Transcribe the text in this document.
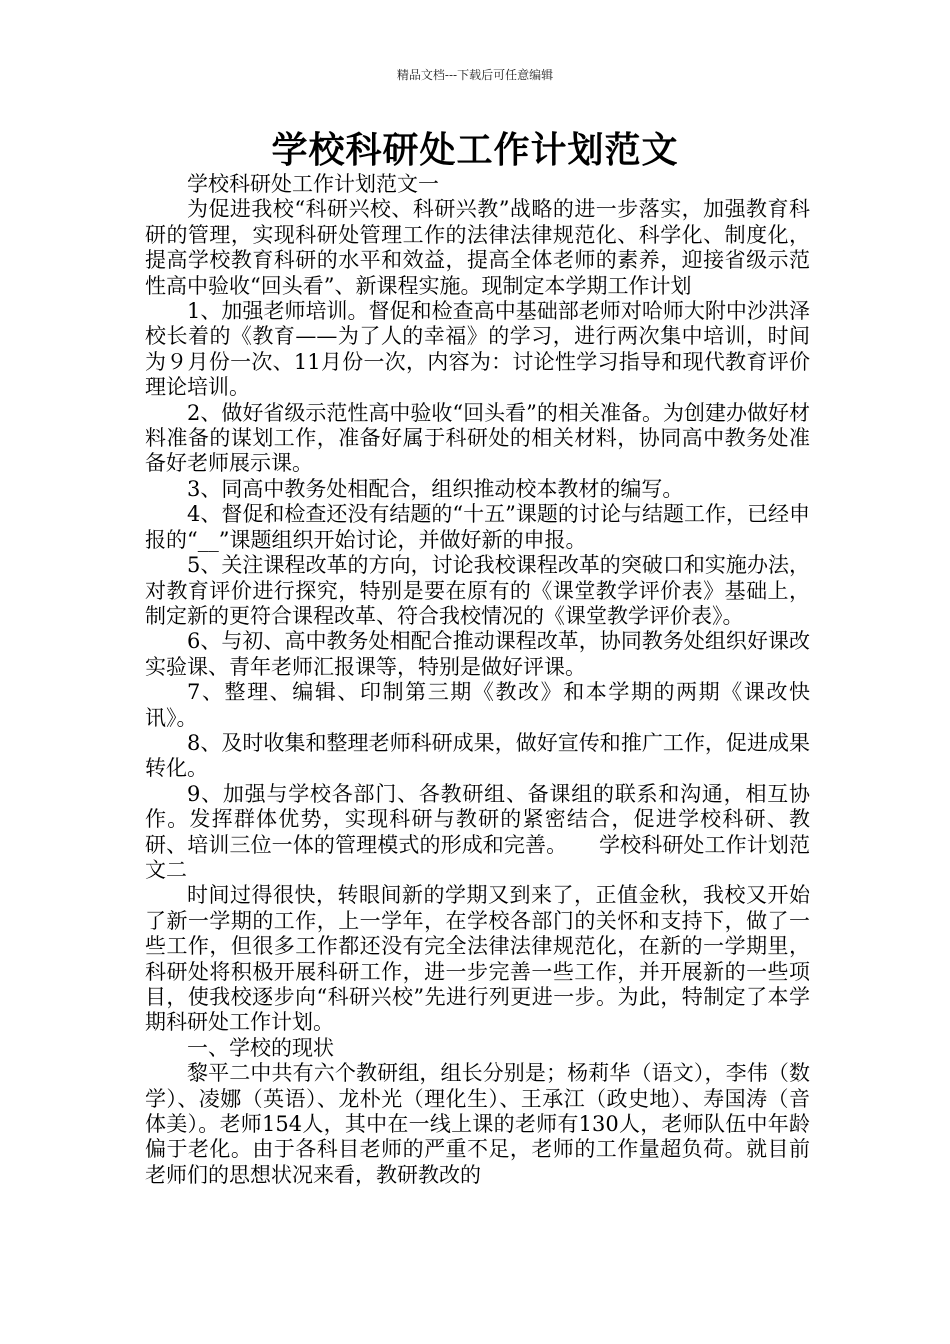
精品文档---下载后可任意编辑
学校科研处工作计划范文

学校科研处工作计划范文一

为促进我校“科研兴校、科研兴教”战略的进一步落实，加强教育科研的管理，实现科研处管理工作的法律法律规范化、科学化、制度化，提高学校教育科研的水平和效益，提高全体老师的素养，迎接省级示范性高中验收“回头看”、新课程实施。现制定本学期工作计划

1、加强老师培训。督促和检查高中基础部老师对哈师大附中沙洪泽校长着的《教育——为了人的幸福》的学习，进行两次集中培训，时间为９月份一次、11月份一次，内容为：讨论性学习指导和现代教育评价理论培训。

2、做好省级示范性高中验收“回头看”的相关准备。为创建办做好材料准备的谋划工作，准备好属于科研处的相关材料，协同高中教务处准备好老师展示课。

3、同高中教务处相配合，组织推动校本教材的编写。

4、督促和检查还没有结题的“十五”课题的讨论与结题工作，已经申报的“__”课题组织开始讨论，并做好新的申报。

5、关注课程改革的方向，讨论我校课程改革的突破口和实施办法，对教育评价进行探究，特别是要在原有的《课堂教学评价表》基础上，制定新的更符合课程改革、符合我校情况的《课堂教学评价表》。

6、与初、高中教务处相配合推动课程改革，协同教务处组织好课改实验课、青年老师汇报课等，特别是做好评课。

7、整理、编辑、印制第三期《教改》和本学期的两期《课改快讯》。

8、及时收集和整理老师科研成果，做好宣传和推广工作，促进成果转化。

9、加强与学校各部门、各教研组、备课组的联系和沟通，相互协作。发挥群体优势，实现科研与教研的紧密结合，促进学校科研、教研、培训三位一体的管理模式的形成和完善。　　学校科研处工作计划范文二

时间过得很快，转眼间新的学期又到来了，正值金秋，我校又开始了新一学期的工作，上一学年，在学校各部门的关怀和支持下，做了一些工作，但很多工作都还没有完全法律法律规范化，在新的一学期里，科研处将积极开展科研工作，进一步完善一些工作，并开展新的一些项目，使我校逐步向“科研兴校”先进行列更进一步。为此，特制定了本学期科研处工作计划。

一、学校的现状

黎平二中共有六个教研组，组长分别是；杨莉华（语文），李伟（数学）、凌娜（英语）、龙朴光（理化生）、王承江（政史地）、寿国涛（音体美）。老师154人，其中在一线上课的老师有130人，老师队伍中年龄偏于老化。由于各科目老师的严重不足，老师的工作量超负荷。就目前老师们的思想状况来看，教研教改的
